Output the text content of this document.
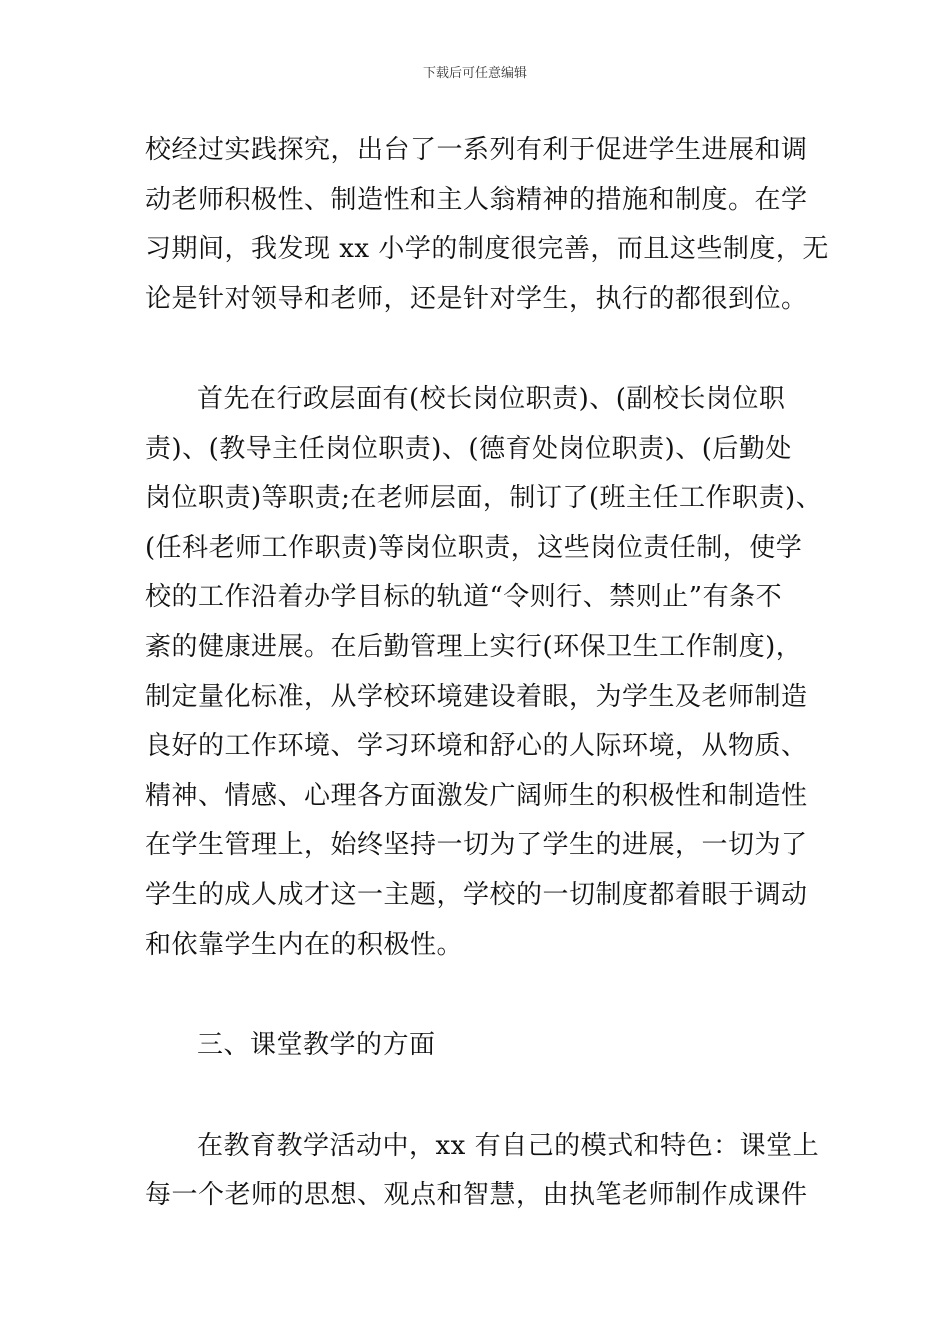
下载后可任意编辑
校经过实践探究，出台了一系列有利于促进学生进展和调
动老师积极性、制造性和主人翁精神的措施和制度。在学
习期间，我发现 xx 小学的制度很完善，而且这些制度，无
论是针对领导和老师，还是针对学生，执行的都很到位。
首先在行政层面有(校长岗位职责)、(副校长岗位职
责)、(教导主任岗位职责)、(德育处岗位职责)、(后勤处
岗位职责)等职责;在老师层面，制订了(班主任工作职责)、
(任科老师工作职责)等岗位职责，这些岗位责任制，使学
校的工作沿着办学目标的轨道“令则行、禁则止”有条不
紊的健康进展。在后勤管理上实行(环保卫生工作制度)，
制定量化标准，从学校环境建设着眼，为学生及老师制造
良好的工作环境、学习环境和舒心的人际环境，从物质、
精神、情感、心理各方面激发广阔师生的积极性和制造性
在学生管理上，始终坚持一切为了学生的进展，一切为了
学生的成人成才这一主题，学校的一切制度都着眼于调动
和依靠学生内在的积极性。
三、课堂教学的方面
在教育教学活动中，xx 有自己的模式和特色：课堂上
每一个老师的思想、观点和智慧，由执笔老师制作成课件
